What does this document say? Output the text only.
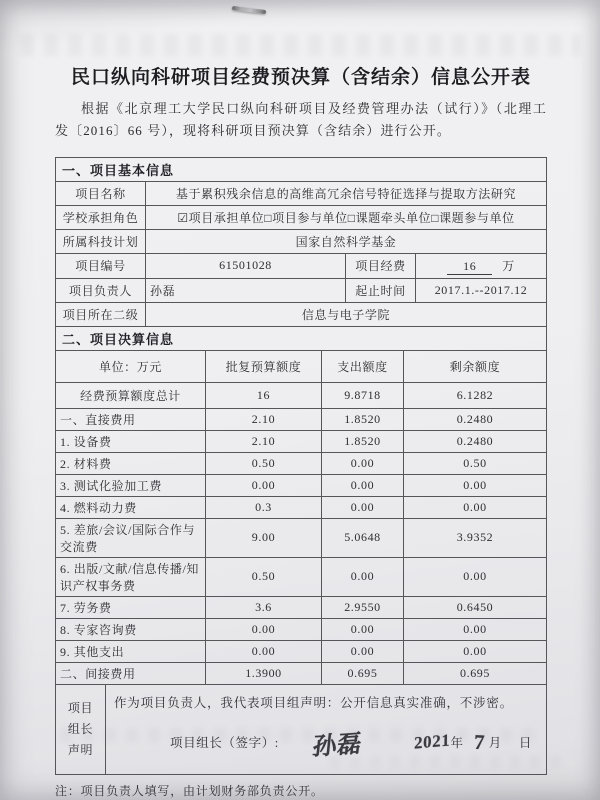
民口纵向科研项目经费预决算（含结余）信息公开表

根据《北京理工大学民口纵向科研项目及经费管理办法（试行）》（北理工发〔2016〕66 号），现将科研项目预决算（含结余）进行公开。

一、项目基本信息			
项目名称	基于累积残余信息的高维高冗余信号特征选择与提取方法研究		
学校承担角色	☑项目承担单位□项目参与单位□课题牵头单位□课题参与单位		
所属科技计划	国家自然科学基金		
项目编号	61501028	项目经费	16 万
项目负责人	孙磊	起止时间	2017.1.--2017.12
项目所在二级	信息与电子学院		
二、项目决算信息			
单位：万元	批复预算额度	支出额度	剩余额度
经费预算额度总计	16	9.8718	6.1282
一、直接费用	2.10	1.8520	0.2480
1. 设备费	2.10	1.8520	0.2480
2. 材料费	0.50	0.00	0.50
3. 测试化验加工费	0.00	0.00	0.00
4. 燃料动力费	0.3	0.00	0.00
5. 差旅/会议/国际合作与交流费	9.00	5.0648	3.9352
6. 出版/文献/信息传播/知识产权事务费	0.50	0.00	0.00
7. 劳务费	3.6	2.9550	0.6450
8. 专家咨询费	0.00	0.00	0.00
9. 其他支出	0.00	0.00	0.00
二、间接费用	1.3900	0.695	0.695
项目
组长
声明

作为项目负责人，我代表项目组声明：公开信息真实准确，不涉密。
项目组长（签字）: 孙磊	2021 年 7 月 日

注：项目负责人填写，由计划财务部负责公开。
